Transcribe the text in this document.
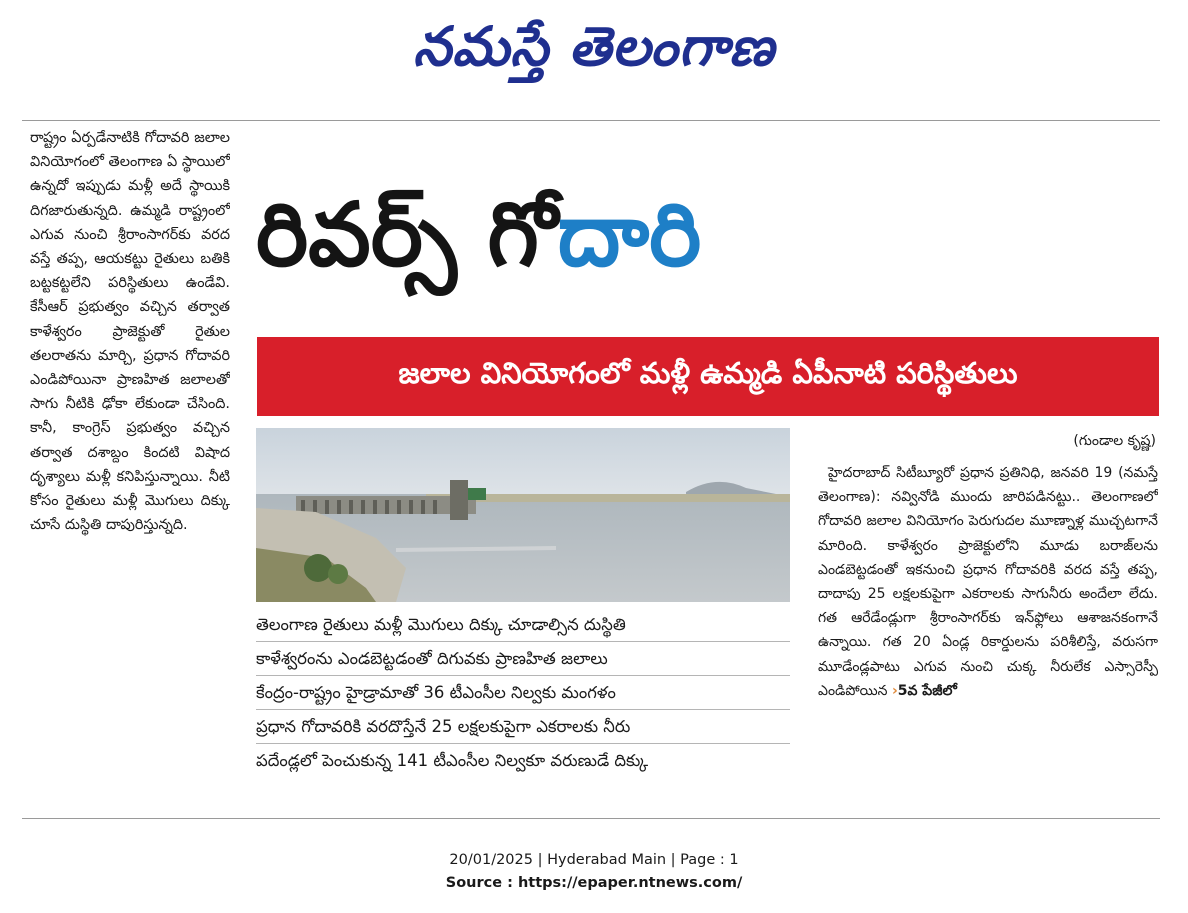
నమస్తే తెలంగాణ

రాష్ట్రం ఏర్పడేనాటికి గోదావరి జలాల వినియోగంలో తెలంగాణ ఏ స్థాయిలో ఉన్నదో ఇప్పుడు మళ్లీ అదే స్థాయికి దిగజారుతున్నది. ఉమ్మడి రాష్ట్రంలో ఎగువ నుంచి శ్రీరాంసాగర్‌కు వరద వస్తే తప్ప, ఆయకట్టు రైతులు బతికి బట్టకట్టలేని పరిస్థితులు ఉండేవి. కేసీఆర్ ప్రభుత్వం వచ్చిన తర్వాత కాళేశ్వరం ప్రాజెక్టుతో రైతుల తలరాతను మార్చి, ప్రధాన గోదావరి ఎండిపోయినా ప్రాణహిత జలాలతో సాగు నీటికి ఢోకా లేకుండా చేసింది. కానీ, కాంగ్రెస్ ప్రభుత్వం వచ్చిన తర్వాత దశాబ్దం కిందటి విషాద దృశ్యాలు మళ్లీ కనిపిస్తున్నాయి. నీటి కోసం రైతులు మళ్లీ మొగులు దిక్కు చూసే దుస్థితి దాపురిస్తున్నది.

రివర్స్ గోదారి
జలాల వినియోగంలో మళ్లీ ఉమ్మడి ఏపీనాటి పరిస్థితులు
తెలంగాణ రైతులు మళ్లీ మొగులు దిక్కు చూడాల్సిన దుస్థితి
కాళేశ్వరంను ఎండబెట్టడంతో దిగువకు ప్రాణహిత జలాలు
కేంద్రం-రాష్ట్రం హైడ్రామాతో 36 టీఎంసీల నిల్వకు మంగళం
ప్రధాన గోదావరికి వరదొస్తేనే 25 లక్షలకుపైగా ఎకరాలకు నీరు
పదేండ్లలో పెంచుకున్న 141 టీఎంసీల నిల్వకూ వరుణుడే దిక్కు
(గుండాల కృష్ణ)

హైదరాబాద్ సిటీబ్యూరో ప్రధాన ప్రతినిధి, జనవరి 19 (నమస్తే తెలంగాణ): నవ్వినోడి ముందు జారిపడినట్టు.. తెలంగాణలో గోదావరి జలాల వినియోగం పెరుగుదల మూణ్నాళ్ల ముచ్చటగానే మారింది. కాళేశ్వరం ప్రాజెక్టులోని మూడు బరాజ్‌లను ఎండబెట్టడంతో ఇకనుంచి ప్రధాన గోదావరికి వరద వస్తే తప్ప, దాదాపు 25 లక్షలకుపైగా ఎకరాలకు సాగునీరు అందేలా లేదు. గత ఆరేడేండ్లుగా శ్రీరాంసాగర్‌కు ఇన్‌ఫ్లోలు ఆశాజనకంగానే ఉన్నాయి. గత 20 ఏండ్ల రికార్డులను పరిశీలిస్తే, వరుసగా మూడేండ్లపాటు ఎగువ నుంచి చుక్క నీరులేక ఎస్సారెస్పీ ఎండిపోయిన ›5వ పేజీలో

20/01/2025 | Hyderabad Main | Page : 1
Source : https://epaper.ntnews.com/
